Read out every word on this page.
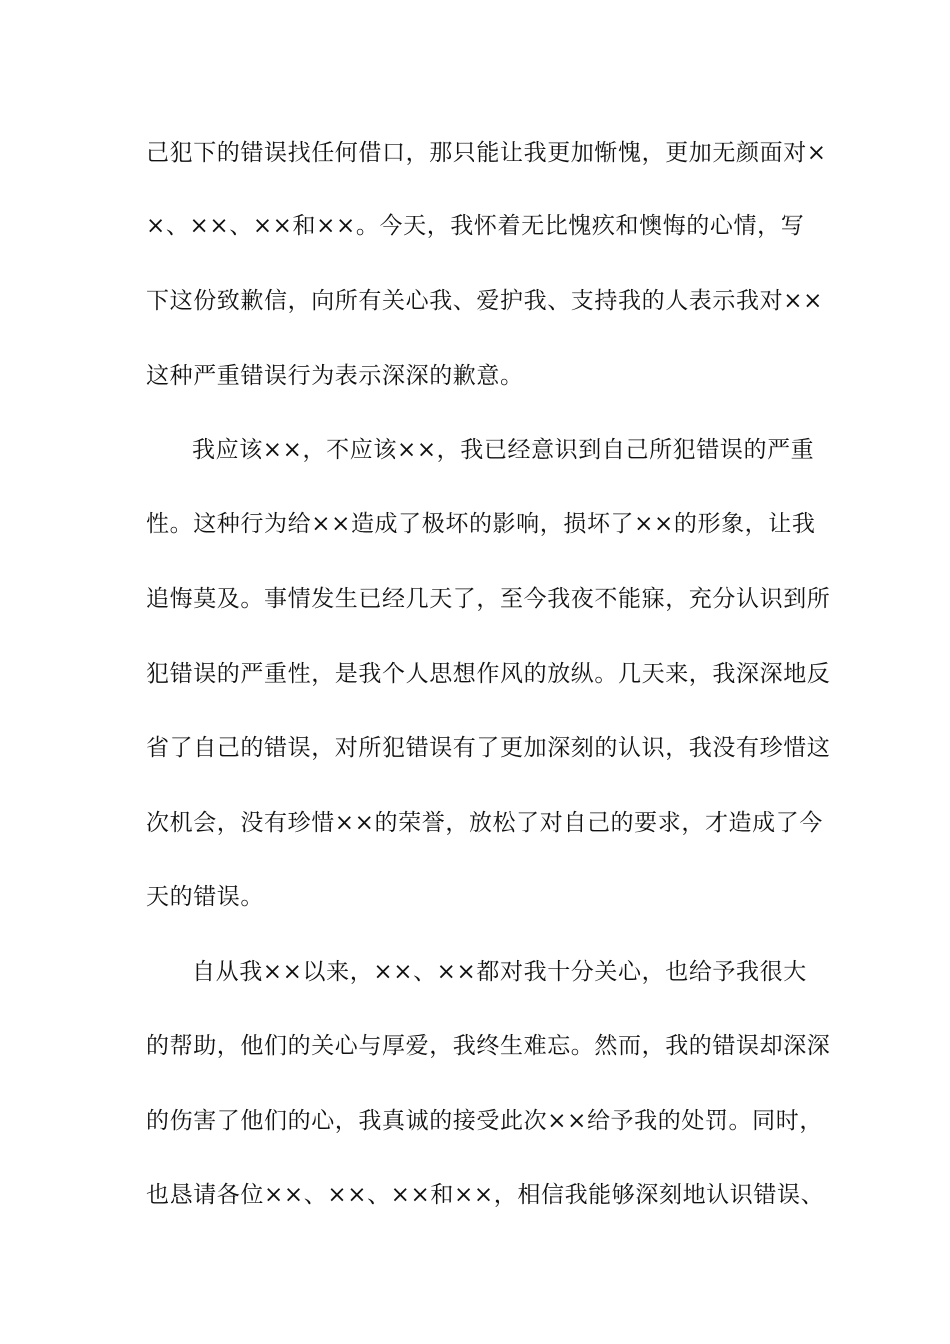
己犯下的错误找任何借口，那只能让我更加惭愧，更加无颜面对×
×、××、××和××。今天，我怀着无比愧疚和懊悔的心情，写
下这份致歉信，向所有关心我、爱护我、支持我的人表示我对××
这种严重错误行为表示深深的歉意。
我应该××，不应该××，我已经意识到自己所犯错误的严重
性。这种行为给××造成了极坏的影响，损坏了××的形象，让我
追悔莫及。事情发生已经几天了，至今我夜不能寐，充分认识到所
犯错误的严重性，是我个人思想作风的放纵。几天来，我深深地反
省了自己的错误，对所犯错误有了更加深刻的认识，我没有珍惜这
次机会，没有珍惜××的荣誉，放松了对自己的要求，才造成了今
天的错误。
自从我××以来，××、××都对我十分关心，也给予我很大
的帮助，他们的关心与厚爱，我终生难忘。然而，我的错误却深深
的伤害了他们的心，我真诚的接受此次××给予我的处罚。同时，
也恳请各位××、××、××和××，相信我能够深刻地认识错误、
